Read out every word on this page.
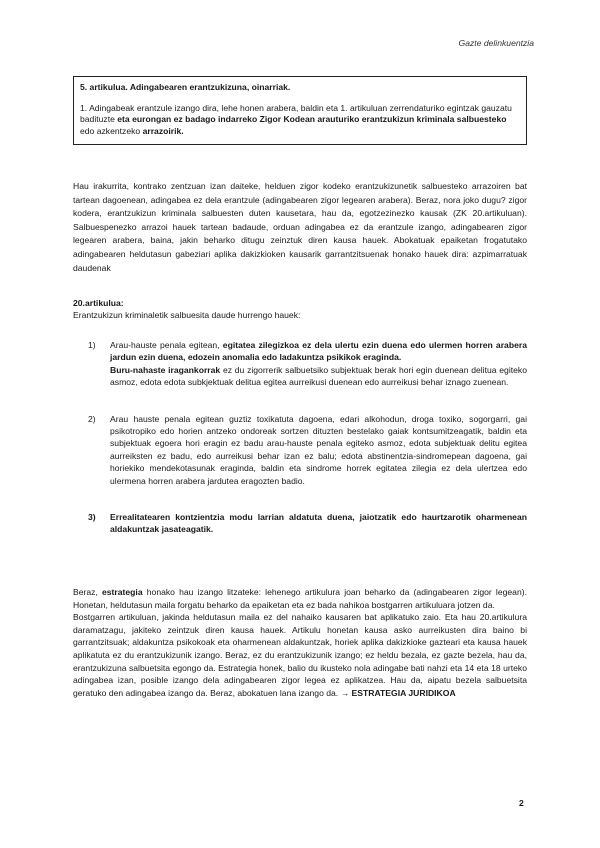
Gazte delinkuentzia
5. artikulua. Adingabearen erantzukizuna, oinarriak.

1. Adingabeak erantzule izango dira, lehe honen arabera, baldin eta 1. artikuluan zerrendaturiko egintzak gauzatu badituzte eta eurongan ez badago indarreko Zigor Kodean arauturiko erantzukizun kriminala salbuesteko edo azkentzeko arrazoirik.

Hau irakurrita, kontrako zentzuan izan daiteke, helduen zigor kodeko erantzukizunetik salbuesteko arrazoiren bat tartean dagoenean, adingabea ez dela erantzule (adingabearen zigor legearen arabera). Beraz, nora joko dugu? zigor kodera, erantzukizun kriminala salbuesten duten kausetara, hau da, egotzezinezko kausak (ZK 20.artikuluan). Salbuespenezko arrazoi hauek tartean badaude, orduan adingabea ez da erantzule izango, adingabearen zigor legearen arabera, baina, jakin beharko ditugu zeinztuk diren kausa hauek. Abokatuak epaiketan frogatutako adingabearen heldutasun gabeziari aplika dakizkioken kausarik garrantzitsuenak honako hauek dira: azpimarratuak daudenak

20.artikulua:
Erantzukizun kriminaletik salbuesita daude hurrengo hauek:
1) Arau-hauste penala egitean, egitatea zilegizkoa ez dela ulertu ezin duena edo ulermen horren arabera jardun ezin duena, edozein anomalia edo ladakuntza psikikok eraginda.
Buru-nahaste iragankorrak ez du zigorrerik salbuetsiko subjektuak berak hori egin duenean delitua egiteko asmoz, edota edota subkjektuak delitua egitea aurreikusi duenean edo aurreikusi behar iznago zuenean.
2) Arau hauste penala egitean guztiz toxikatuta dagoena, edari alkohodun, droga toxiko, sogorgarri, gai psikotropiko edo horien antzeko ondoreak sortzen dituzten bestelako gaiak kontsumitzeagatik, baldin eta subjektuak egoera hori eragin ez badu arau-hauste penala egiteko asmoz, edota subjektuak delitu egitea aurreiksten ez badu, edo aurreikusi behar izan ez balu; edota abstinentzia-sindromepean dagoena, gai horiekiko mendekotasunak eraginda, baldin eta sindrome horrek egitatea zilegia ez dela ulertzea edo ulermena horren arabera jardutea eragozten badio.
3) Errealitatearen kontzientzia modu larrian aldatuta duena, jaiotzatik edo haurtzarotik oharmenean aldakuntzak jasateagatik.

Beraz, estrategia honako hau izango litzateke: lehenego artikulura joan beharko da (adingabearen zigor legean). Honetan, heldutasun maila forgatu beharko da epaiketan eta ez bada nahikoa bostgarren artikuluara jotzen da.

Bostgarren artikuluan, jakinda heldutasun maila ez del nahaiko kausaren bat aplikatuko zaio. Eta hau 20.artikulura daramatzagu, jakiteko zeintzuk diren kausa hauek. Artikulu honetan kausa asko aurreikusten dira baino bi garrantzitsuak; aldakuntza psikokoak eta oharmenean aldakuntzak, horiek aplika dakizkioke gazteari eta kausa hauek aplikatuta ez du erantzukizunik izango. Beraz, ez du erantzukizunik izango; ez heldu bezala, ez gazte bezela, hau da, erantzukizuna salbuetsita egongo da. Estrategia honek, balio du ikusteko nola adingabe bati nahzi eta 14 eta 18 urteko adingabea izan, posible izango dela adingabearen zigor legea ez aplikatzea. Hau da, aipatu bezela salbuetsita geratuko den adingabea izango da. Beraz, abokatuen lana izango da. → ESTRATEGIA JURIDIKOA

2
